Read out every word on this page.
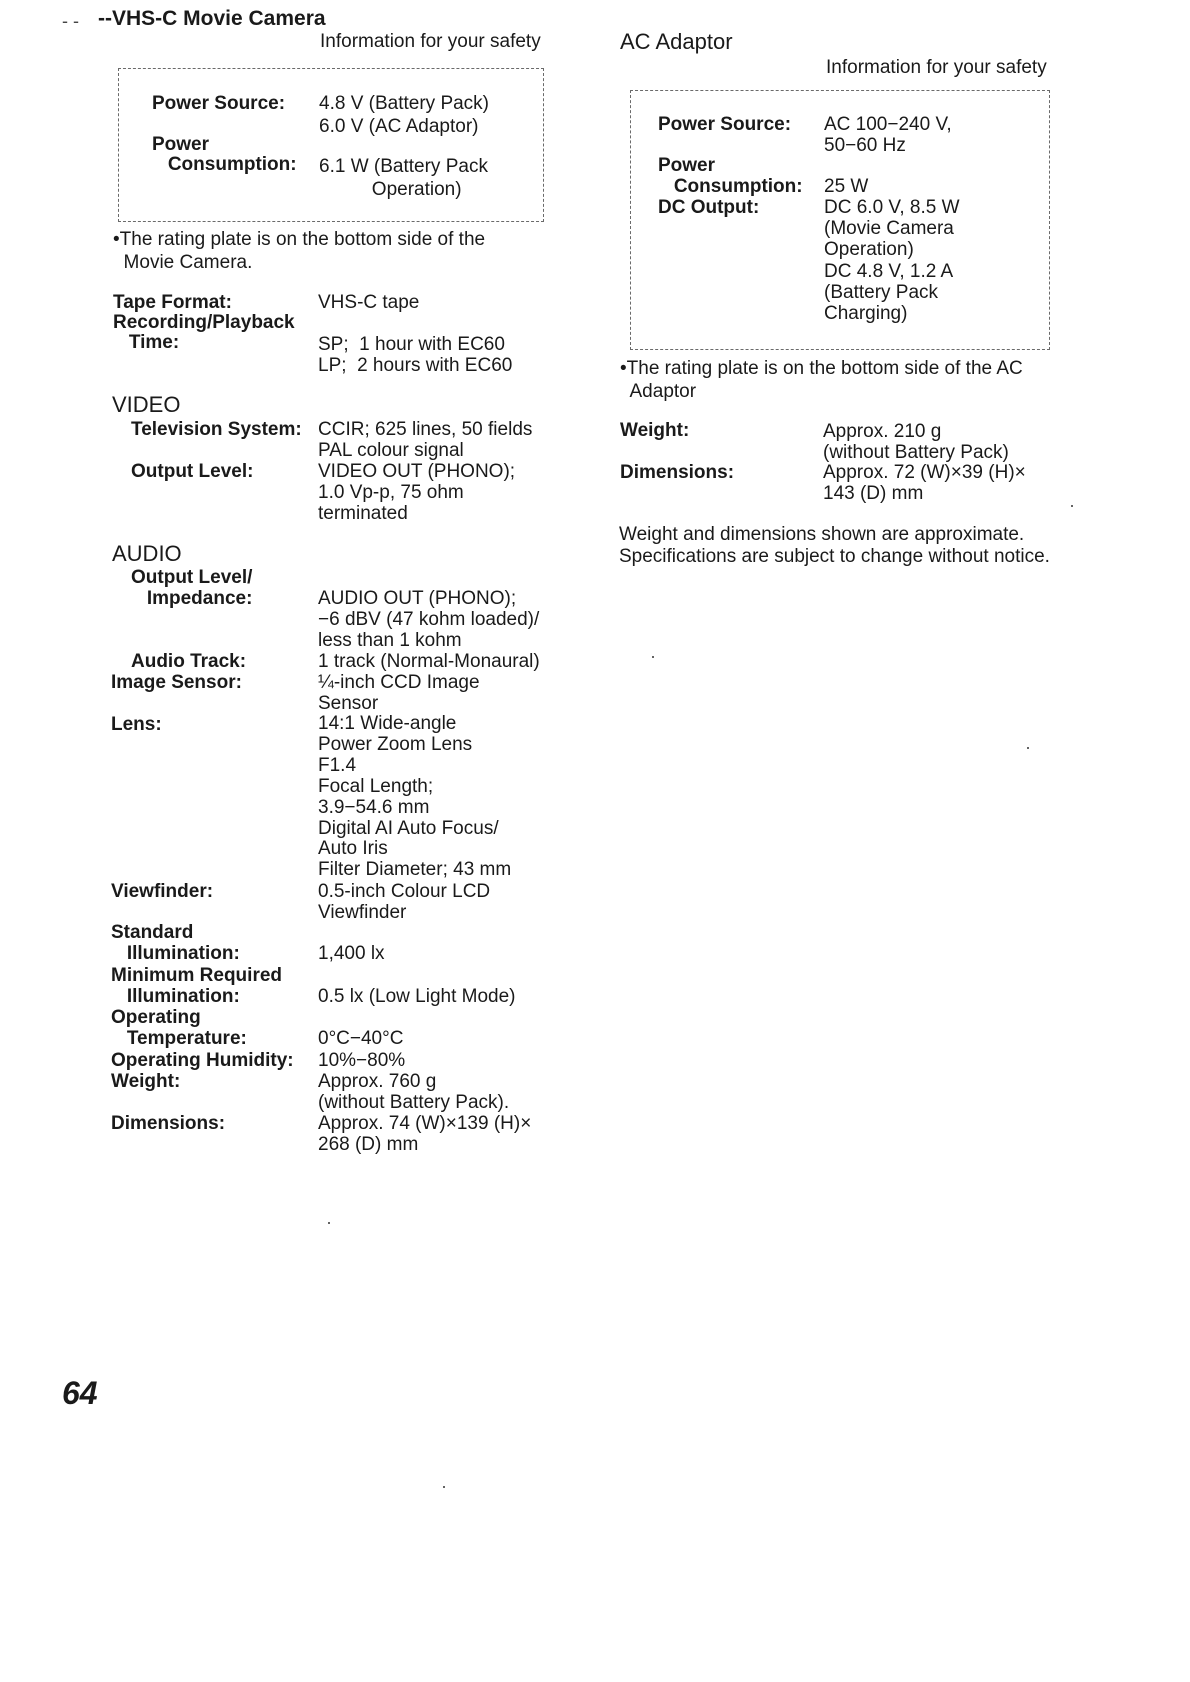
- - --VHS-C Movie Camera
Information for your safety
Power Source: 4.8 V (Battery Pack)
6.0 V (AC Adaptor)
Power
Consumption: 6.1 W (Battery Pack
Operation)
•The rating plate is on the bottom side of the
Movie Camera.
Tape Format:	VHS-C tape
Recording/Playback
Time:	
SP;  1 hour with EC60
LP;  2 hours with EC60
VIDEO
Television System: CCIR; 625 lines, 50 fields
PAL colour signal
Output Level:	VIDEO OUT (PHONO);
1.0 Vp-p, 75 ohm
terminated
AUDIO
Output Level/
Impedance:	
AUDIO OUT (PHONO);
−6 dBV (47 kohm loaded)/
less than 1 kohm
Audio Track:	1 track (Normal-Monaural)
Image Sensor:	¼-inch CCD Image
Sensor
Lens:	14:1 Wide-angle
Power Zoom Lens
F1.4
Focal Length;
3.9−54.6 mm
Digital AI Auto Focus/
Auto Iris
Filter Diameter; 43 mm
Viewfinder:	0.5-inch Colour LCD
Viewfinder
Standard
Illumination:	
1,400 lx
Minimum Required
Illumination:	
0.5 lx (Low Light Mode)
Operating
Temperature:	
0°C−40°C
Operating Humidity: 10%−80%
Weight:	Approx. 760 g
(without Battery Pack).
Dimensions:	Approx. 74 (W)×139 (H)×
268 (D) mm
AC Adaptor
Information for your safety
Power Source: AC 100−240 V,
50−60 Hz
Power
Consumption:
25 W
DC Output:	DC 6.0 V, 8.5 W
(Movie Camera
Operation)
DC 4.8 V, 1.2 A
(Battery Pack
Charging)
•The rating plate is on the bottom side of the AC
Adaptor
Weight:	Approx. 210 g
(without Battery Pack)
Dimensions:	Approx. 72 (W)×39 (H)×
143 (D) mm
Weight and dimensions shown are approximate.
Specifications are subject to change without notice.
64
